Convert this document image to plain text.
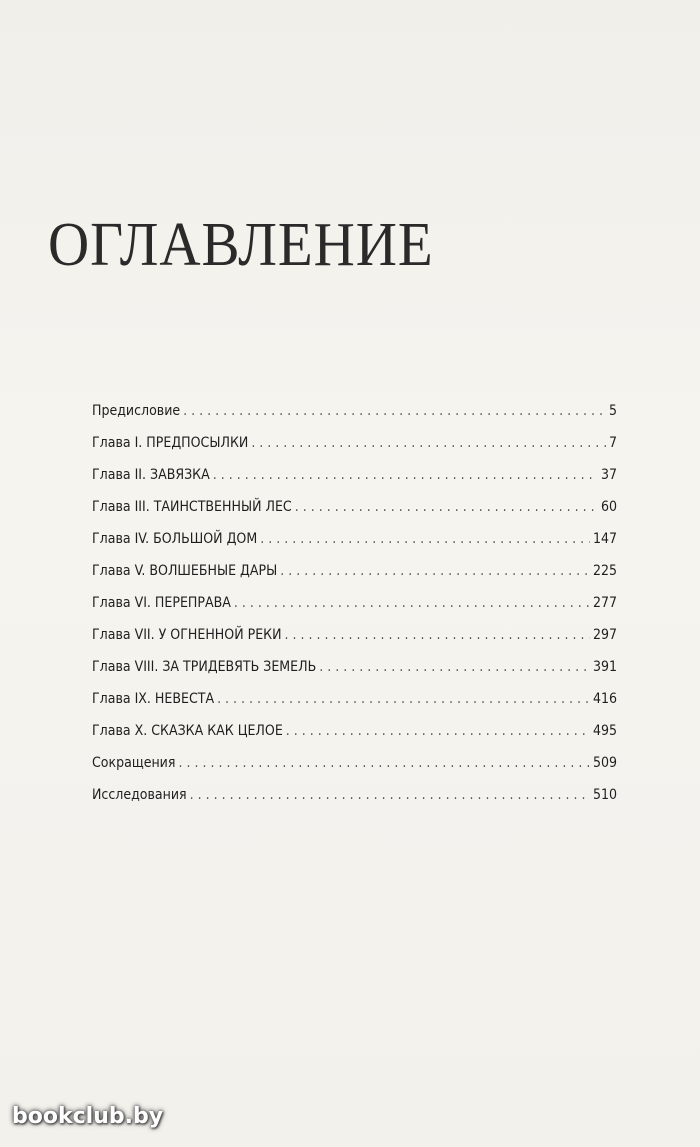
ОГЛАВЛЕНИЕ
Предисловие . . .	5
Глава I. ПРЕДПОСЫЛКИ . . .	7
Глава II. ЗАВЯЗКА . . .	37
Глава III. ТАИНСТВЕННЫЙ ЛЕС . . .	60
Глава IV. БОЛЬШОЙ ДОМ . . .	147
Глава V. ВОЛШЕБНЫЕ ДАРЫ . . .	225
Глава VI. ПЕРЕПРАВА . . .	277
Глава VII. У ОГНЕННОЙ РЕКИ . . .	297
Глава VIII. ЗА ТРИДЕВЯТЬ ЗЕМЕЛЬ . . .	391
Глава IX. НЕВЕСТА . . .	416
Глава X. СКАЗКА КАК ЦЕЛОЕ . . .	495
Сокращения . . .	509
Исследования . . .	510
bookclub.by
